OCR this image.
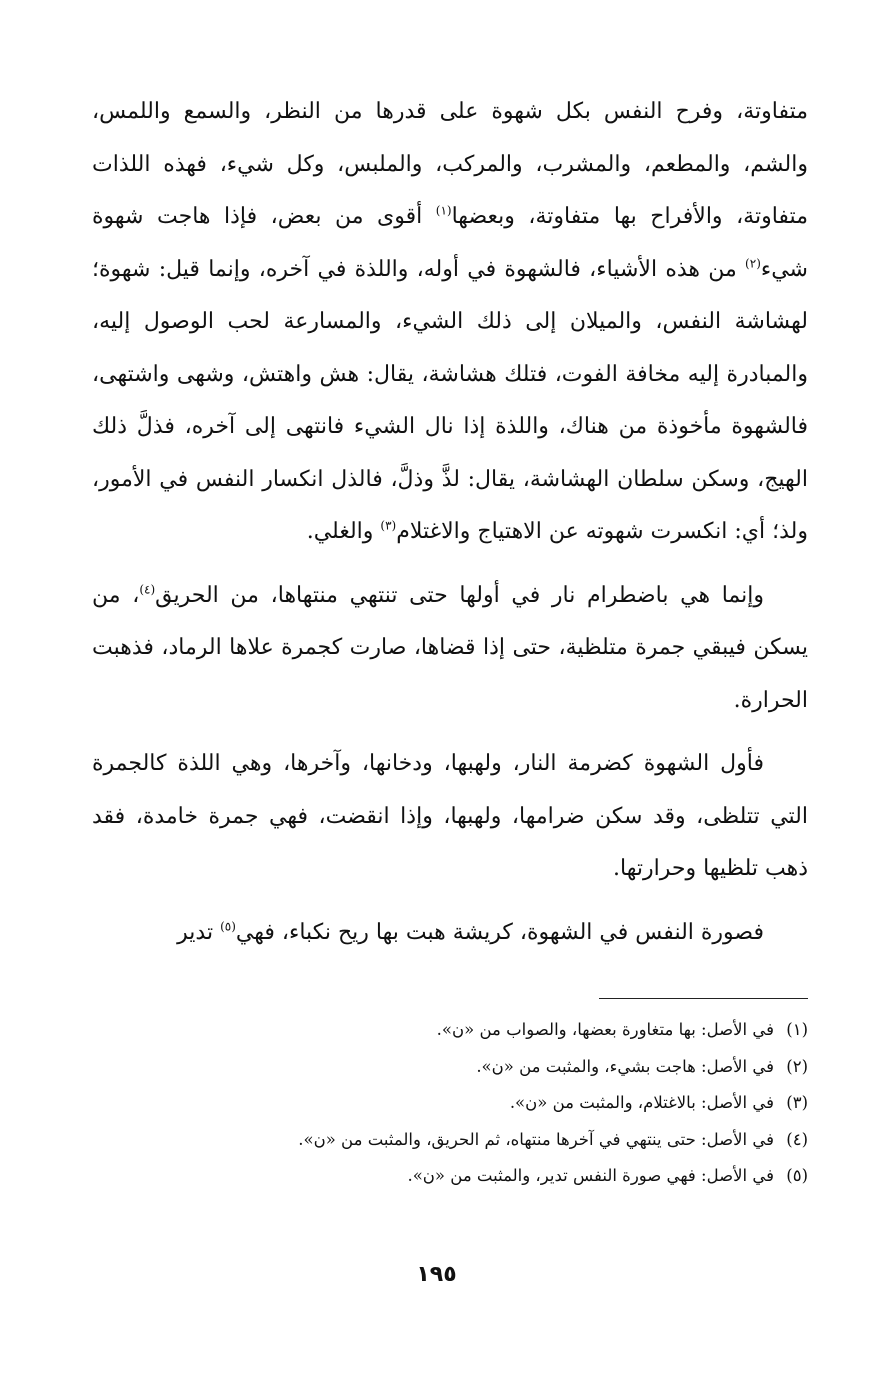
متفاوتة، وفرح النفس بكل شهوة على قدرها من النظر، والسمع واللمس، والشم، والمطعم، والمشرب، والمركب، والملبس، وكل شيء، فهذه اللذات متفاوتة، والأفراح بها متفاوتة، وبعضها$^{(١)}$ أقوى من بعض، فإذا هاجت شهوة شيء$^{(٢)}$ من هذه الأشياء، فالشهوة في أوله، واللذة في آخره، وإنما قيل: شهوة؛ لهشاشة النفس، والميلان إلى ذلك الشيء، والمسارعة لحب الوصول إليه، والمبادرة إليه مخافة الفوت، فتلك هشاشة، يقال: هش واهتش، وشهى واشتهى، فالشهوة مأخوذة من هناك، واللذة إذا نال الشيء فانتهى إلى آخره، فذلَّ ذلك الهيج، وسكن سلطان الهشاشة، يقال: لذَّ وذلَّ، فالذل انكسار النفس في الأمور، ولذ؛ أي: انكسرت شهوته عن الاهتياج والاغتلام$^{(٣)}$ والغلي.

وإنما هي باضطرام نار في أولها حتى تنتهي منتهاها، من الحريق$^{(٤)}$، من يسكن فيبقي جمرة متلظية، حتى إذا قضاها، صارت كجمرة علاها الرماد، فذهبت الحرارة.

فأول الشهوة كضرمة النار، ولهبها، ودخانها، وآخرها، وهي اللذة كالجمرة التي تتلظى، وقد سكن ضرامها، ولهبها، وإذا انقضت، فهي جمرة خامدة، فقد ذهب تلظيها وحرارتها.

فصورة النفس في الشهوة، كريشة هبت بها ريح نكباء، فهي$^{(٥)}$ تدير

(١)في الأصل: بها متغاورة بعضها، والصواب من «ن».
(٢)في الأصل: هاجت بشيء، والمثبت من «ن».
(٣)في الأصل: بالاغتلام، والمثبت من «ن».
(٤)في الأصل: حتى ينتهي في آخرها منتهاه، ثم الحريق، والمثبت من «ن».
(٥)في الأصل: فهي صورة النفس تدير، والمثبت من «ن».
١٩٥
